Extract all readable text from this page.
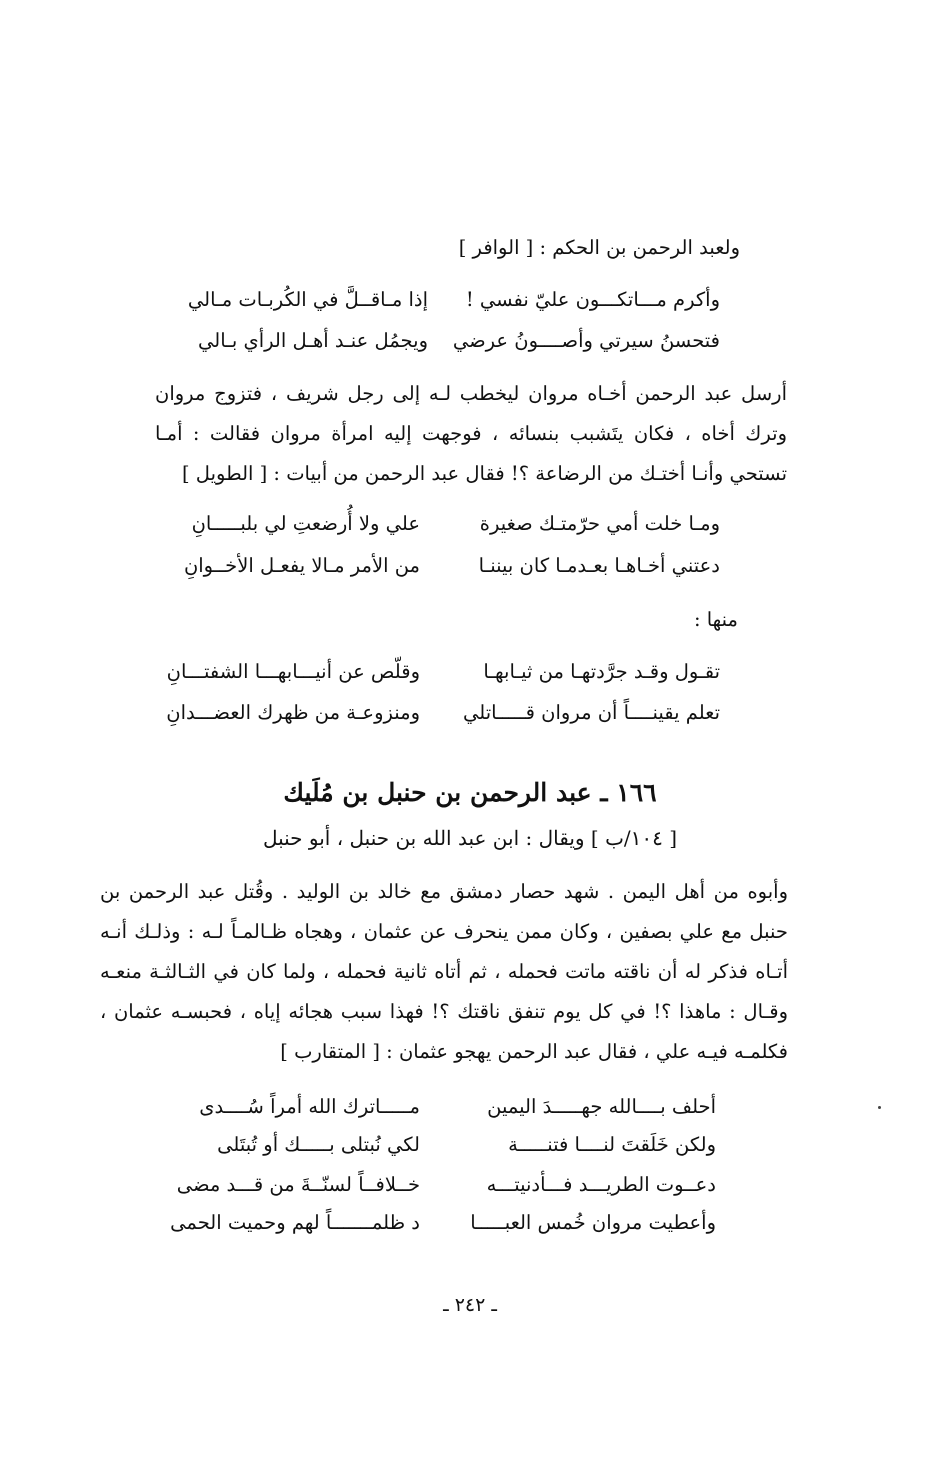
ولعبد الرحمن بن الحكم : [ الوافر ]
وأكرم مـــاتكـــون عليّ نفسي !
إذا مـاقــلَّ في الكُربـات مـالي
فتحسنُ سيرتي وأصــــونُ عرضي
ويجمُل عنـد أهـل الرأي بـالي
أرسل عبد الرحمن أخـاه مروان ليخطب لـه إلى رجل شريف ، فتزوج مروان وترك أخاه ، فكان يتَشبب بنسائه ، فوجهت إليه امرأة مروان فقالت : أمـا تستحي وأنـا أختـك من الرضاعة ؟! فقال عبد الرحمن من أبيات : [ الطويل ]
ومـا خلت أمي حرّمتـك صغيرة
علي ولا أُرضعتِ لي بلبـــــانِ
دعتني أخـاهـا بعـدمـا كان بيننـا
من الأمر مـالا يفعـل الأخــوانِ
منها :
تقـول وقـد جرَّدتهـا من ثيـابهـا
وقلّص عن أنيـــابهـــا الشفتـــانِ
تعلم يقينــــاً أن مروان قـــــاتلي
ومنزوعـة من ظهرك العضـــدانِ
١٦٦ ـ عبد الرحمن بن حنبل بن مُلَيك
[ ١٠٤/ب ] ويقال : ابن عبد الله بن حنبل ، أبو حنبل
وأبوه من أهل اليمن . شهد حصار دمشق مع خالد بن الوليد . وقُتل عبد الرحمن بن حنبل مع علي بصفين ، وكان ممن ينحرف عن عثمان ، وهجاه ظـالمـاً لـه : وذلـك أنـه أتـاه فذكر له أن ناقته ماتت فحمله ، ثم أتاه ثانية فحمله ، ولما كان في الثـالثـة منعـه وقـال : ماهذا ؟! في كل يوم تنفق ناقتك ؟! فهذا سبب هجائه إياه ، فحبسـه عثمان ، فكلمـه فيـه علي ، فقال عبد الرحمن يهجو عثمان : [ المتقارب ]
أحلف بــــالله جهـــــدَ اليمين
مـــــاترك الله أمراً سُــــدى
ولكن خَلَقتَ لنــــا فتنـــــة
لكي نُبتلى بـــــك أو تُبتَلى
دعــوت الطريـــد فـــأدنيتـــه
خــلافــاً لسنّــةَ من قـــد مضى
وأعطيت مروان خُمس العبـــــا
د ظلمـــــــاً لهم وحميت الحمى
ـ ٢٤٢ ـ
